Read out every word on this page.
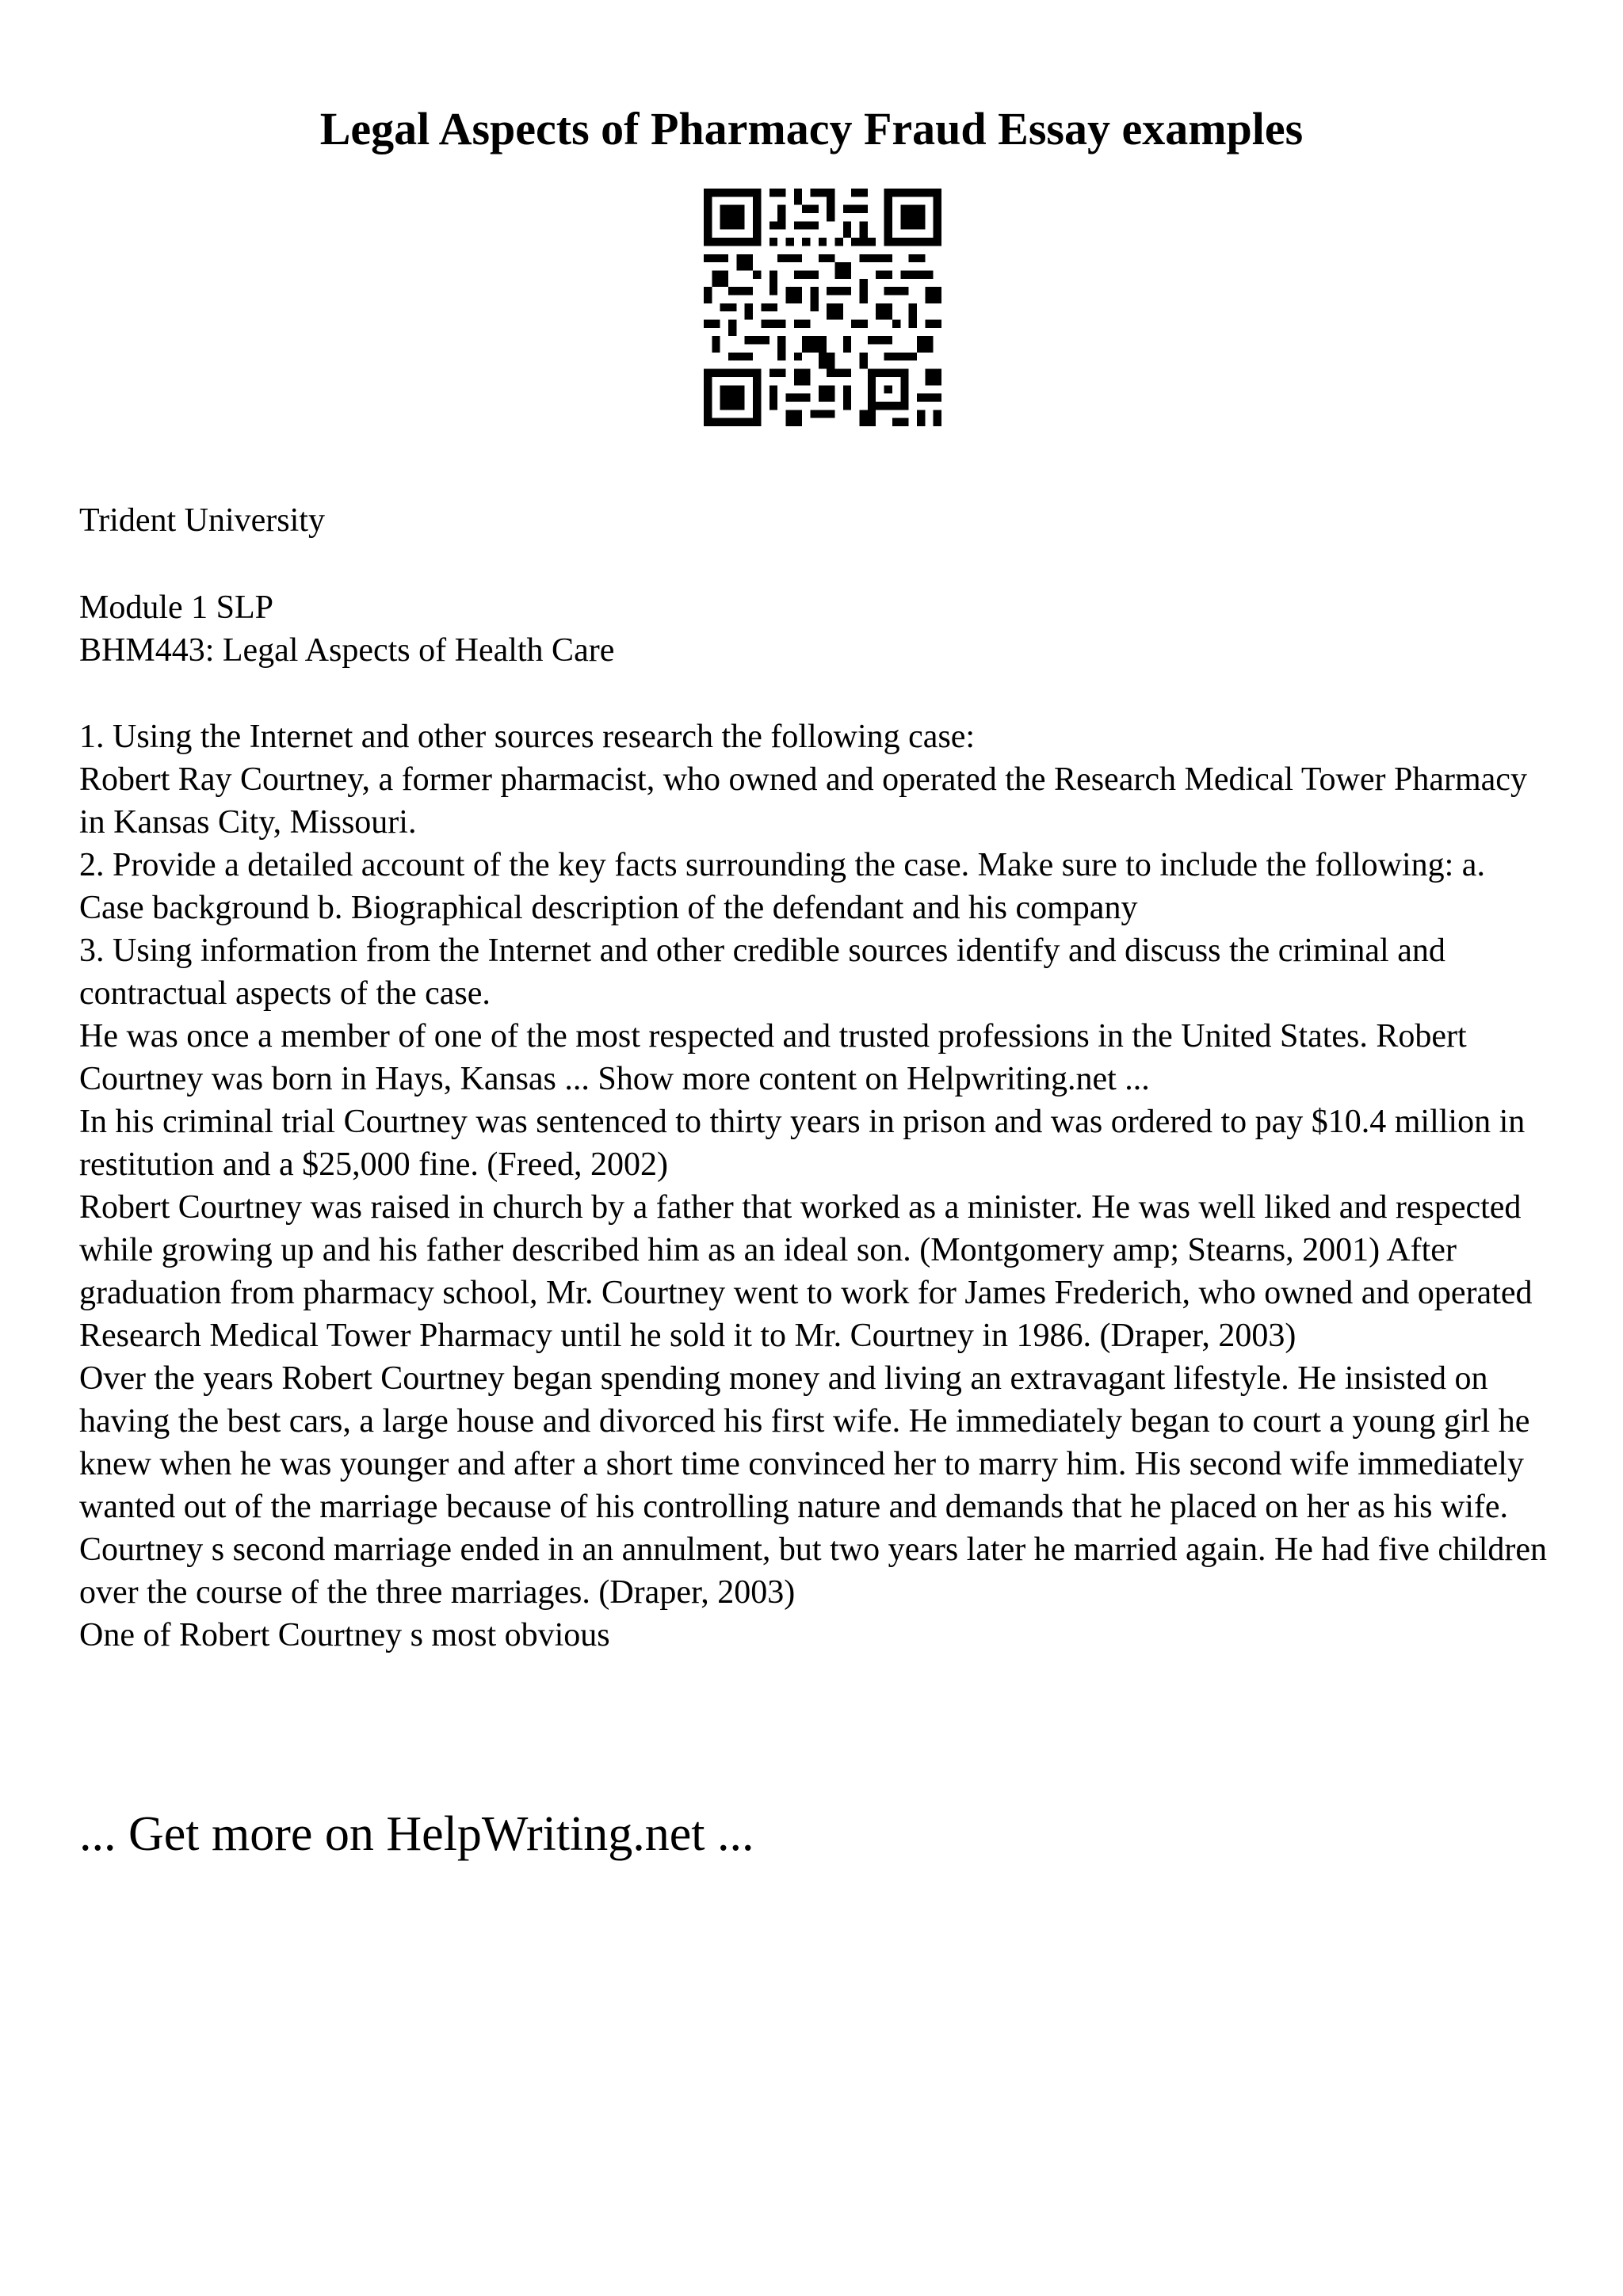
Legal Aspects of Pharmacy Fraud Essay examples

Trident University

Module 1 SLP
BHM443: Legal Aspects of Health Care

1. Using the Internet and other sources research the following case:
Robert Ray Courtney, a former pharmacist, who owned and operated the Research Medical Tower Pharmacy in Kansas City, Missouri.
2. Provide a detailed account of the key facts surrounding the case. Make sure to include the following: a. Case background b. Biographical description of the defendant and his company
3. Using information from the Internet and other credible sources identify and discuss the criminal and contractual aspects of the case.
He was once a member of one of the most respected and trusted professions in the United States. Robert Courtney was born in Hays, Kansas ... Show more content on Helpwriting.net ...
In his criminal trial Courtney was sentenced to thirty years in prison and was ordered to pay $10.4 million in restitution and a $25,000 fine. (Freed, 2002)
Robert Courtney was raised in church by a father that worked as a minister. He was well liked and respected while growing up and his father described him as an ideal son. (Montgomery amp; Stearns, 2001) After graduation from pharmacy school, Mr. Courtney went to work for James Frederich, who owned and operated Research Medical Tower Pharmacy until he sold it to Mr. Courtney in 1986. (Draper, 2003)
Over the years Robert Courtney began spending money and living an extravagant lifestyle. He insisted on having the best cars, a large house and divorced his first wife. He immediately began to court a young girl he knew when he was younger and after a short time convinced her to marry him. His second wife immediately wanted out of the marriage because of his controlling nature and demands that he placed on her as his wife. Courtney s second marriage ended in an annulment, but two years later he married again. He had five children over the course of the three marriages. (Draper, 2003)
One of Robert Courtney s most obvious

... Get more on HelpWriting.net ...
